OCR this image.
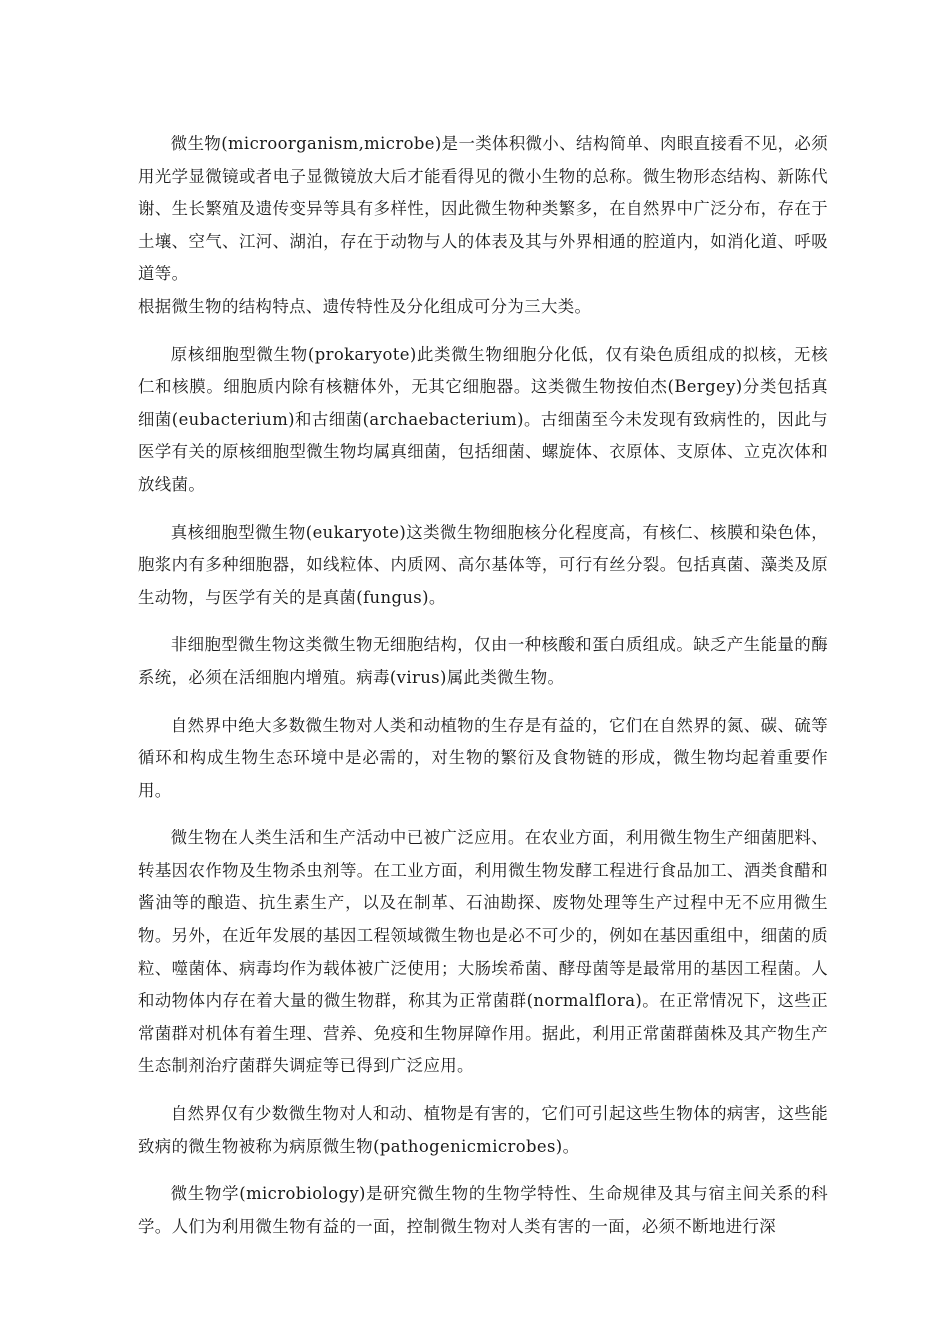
微生物(microorganism,microbe)是一类体积微小、结构简单、肉眼直接看不见，必须用光学显微镜或者电子显微镜放大后才能看得见的微小生物的总称。微生物形态结构、新陈代谢、生长繁殖及遗传变异等具有多样性，因此微生物种类繁多，在自然界中广泛分布，存在于土壤、空气、江河、湖泊，存在于动物与人的体表及其与外界相通的腔道内，如消化道、呼吸道等。

根据微生物的结构特点、遗传特性及分化组成可分为三大类。

原核细胞型微生物(prokaryote)此类微生物细胞分化低，仅有染色质组成的拟核，无核仁和核膜。细胞质内除有核糖体外，无其它细胞器。这类微生物按伯杰(Bergey)分类包括真细菌(eubacterium)和古细菌(archaebacterium)。古细菌至今未发现有致病性的，因此与医学有关的原核细胞型微生物均属真细菌，包括细菌、螺旋体、衣原体、支原体、立克次体和放线菌。

真核细胞型微生物(eukaryote)这类微生物细胞核分化程度高，有核仁、核膜和染色体，胞浆内有多种细胞器，如线粒体、内质网、高尔基体等，可行有丝分裂。包括真菌、藻类及原生动物，与医学有关的是真菌(fungus)。

非细胞型微生物这类微生物无细胞结构，仅由一种核酸和蛋白质组成。缺乏产生能量的酶系统，必须在活细胞内增殖。病毒(virus)属此类微生物。

自然界中绝大多数微生物对人类和动植物的生存是有益的，它们在自然界的氮、碳、硫等循环和构成生物生态环境中是必需的，对生物的繁衍及食物链的形成，微生物均起着重要作用。

微生物在人类生活和生产活动中已被广泛应用。在农业方面，利用微生物生产细菌肥料、转基因农作物及生物杀虫剂等。在工业方面，利用微生物发酵工程进行食品加工、酒类食醋和酱油等的酿造、抗生素生产，以及在制革、石油勘探、废物处理等生产过程中无不应用微生物。另外，在近年发展的基因工程领域微生物也是必不可少的，例如在基因重组中，细菌的质粒、噬菌体、病毒均作为载体被广泛使用；大肠埃希菌、酵母菌等是最常用的基因工程菌。人和动物体内存在着大量的微生物群，称其为正常菌群(normalflora)。在正常情况下，这些正常菌群对机体有着生理、营养、免疫和生物屏障作用。据此，利用正常菌群菌株及其产物生产生态制剂治疗菌群失调症等已得到广泛应用。

自然界仅有少数微生物对人和动、植物是有害的，它们可引起这些生物体的病害，这些能致病的微生物被称为病原微生物(pathogenicmicrobes)。

微生物学(microbiology)是研究微生物的生物学特性、生命规律及其与宿主间关系的科学。人们为利用微生物有益的一面，控制微生物对人类有害的一面，必须不断地进行深
